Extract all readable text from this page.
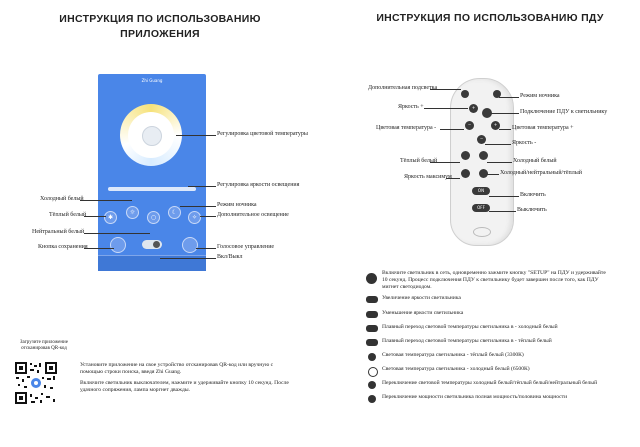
ИНСТРУКЦИЯ ПО ИСПОЛЬЗОВАНИЮ ПРИЛОЖЕНИЯ
ИНСТРУКЦИЯ ПО ИСПОЛЬЗОВАНИЮ ПДУ
Zhi Guang
✱
☼
○
☾
✧
Регулировка цветовой температуры
Регулировка яркости освещения
Холодный белый
Режим ночника
Тёплый белый	Дополнительное освещение
Нейтральный белый
Кнопка сохранения	Голосовое управление
Вкл/Выкл
Загрузите приложение отсканировав QR-код
Установите приложение на свое устройство отсканировав QR-код или вручную с помощью строки поиска, введя Zhi Guang.
Включите светильник выключателем, нажмите и удерживайте кнопку 10 секунд. После удачного сопряжения, лампа моргнет дважды.
+
−	+
−
ON
OFF
Дополнительная подсветка
Режим ночника
Яркость +
Подключение ПДУ к светильнику
Цветовая температура -	Цветовая температура +
Яркость -
Тёплый белый	Холодный белый
Яркость максимум
Холодный/нейтральный/тёплый
Включить
Выключить
Включите светильник в сеть, одновременно зажмите кнопку "SETUP" на ПДУ и удерживайте 10 секунд. Процесс подключения ПДУ к светильнику будет завершен после того, как ПДУ мигнет светодиодом.
Увеличение яркости светильника
Уменьшение яркости светильника
Плавный переход световой температуры светильника в - холодный белый
Плавный переход световой температуры светильника в - тёплый белый
Световая температура светильника - тёплый белый (3300К)
Световая температура светильника - холодный белый (6500К)
Переключение световой температуры холодный белый/тёплый белый/нейтральный белый
Переключение мощности светильника полная мощность/половина мощности
